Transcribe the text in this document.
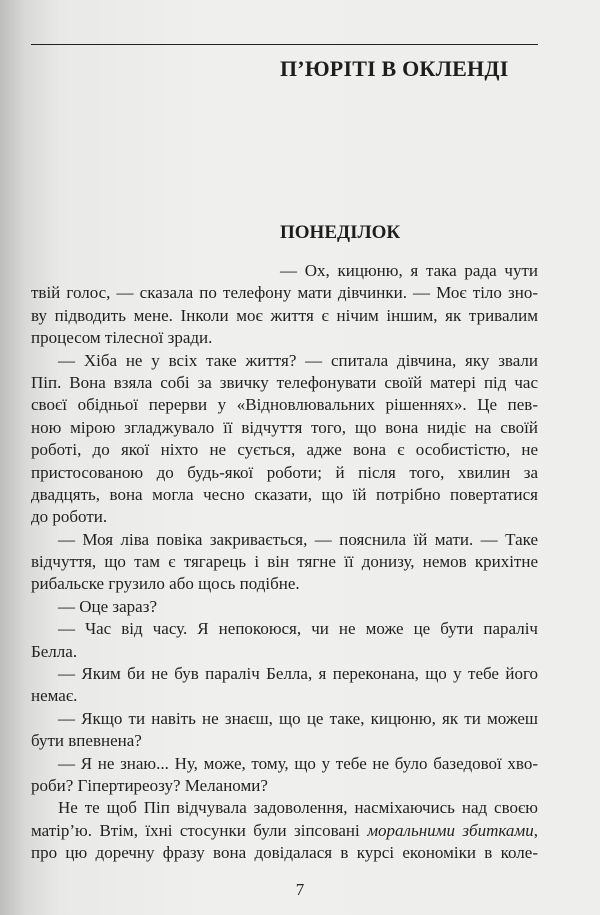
П’ЮРІТІ В ОКЛЕНДІ
ПОНЕДІЛОК
— Ох, кицюню, я така рада чути
твій голос, — сказала по телефону мати дівчинки. — Моє тіло зно-
ву підводить мене. Інколи моє життя є нічим іншим, як тривалим
процесом тілесної зради.
— Хіба не у всіх таке життя? — спитала дівчина, яку звали
Піп. Вона взяла собі за звичку телефонувати своїй матері під час
своєї обідньої перерви у «Відновлювальних рішеннях». Це пев-
ною мірою згладжувало її відчуття того, що вона нидіє на своїй
роботі, до якої ніхто не сується, адже вона є особистістю, не
пристосованою до будь-якої роботи; й після того, хвилин за
двадцять, вона могла чесно сказати, що їй потрібно повертатися
до роботи.
— Моя ліва повіка закривається, — пояснила їй мати. — Таке
відчуття, що там є тягарець і він тягне її донизу, немов крихітне
рибальске грузило або щось подібне.
— Оце зараз?
— Час від часу. Я непокоюся, чи не може це бути параліч
Белла.
— Яким би не був параліч Белла, я переконана, що у тебе його
немає.
— Якщо ти навіть не знаєш, що це таке, кицюню, як ти можеш
бути впевнена?
— Я не знаю... Ну, може, тому, що у тебе не було базедової хво-
роби? Гіпертиреозу? Меланоми?
Не те щоб Піп відчувала задоволення, насміхаючись над своєю
матір’ю. Втім, їхні стосунки були зіпсовані моральними збитками,
про цю доречну фразу вона довідалася в курсі економіки в коле-
7
